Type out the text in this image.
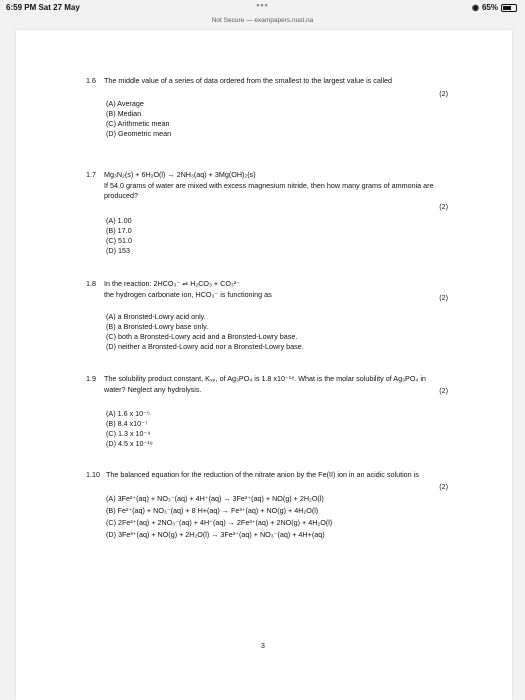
6:59 PM Sat 27 May	•••	◉ 65%
Not Secure — exampapers.nust.na
1.6	The middle value of a series of data ordered from the smallest to the largest value is called
(2)
(A) Average
(B) Median
(C) Arithmetic mean
(D) Geometric mean
1.7	Mg₃N₂(s) + 6H₂O(l) → 2NH₃(aq) + 3Mg(OH)₂(s)
If 54.0 grams of water are mixed with excess magnesium nitride, then how many grams of ammonia are produced?
(2)
(A) 1.00
(B) 17.0
(C) 51.0
(D) 153
1.8	In the reaction: 2HCO₃⁻ ⇌ H₂CO₃ + CO₃²⁻
the hydrogen carbonate ion, HCO₃⁻ is functioning as	(2)
(A) a Bronsted-Lowry acid only.
(B) a Bronsted-Lowry base only.
(C) both a Bronsted-Lowry acid and a Bronsted-Lowry base.
(D) neither a Bronsted-Lowry acid nor a Bronsted-Lowry base.
1.9	The solubility product constant, Kₛₚ, of Ag₃PO₄ is 1.8 x10⁻¹⁸. What is the molar solubility of Ag₃PO₄ in water? Neglect any hydrolysis.	(2)
(A) 1.6 x 10⁻⁵
(B) 8.4 x10⁻⁷
(C) 1.3 x 10⁻⁹
(D) 4.5 x 10⁻¹⁹
1.10 The balanced equation for the reduction of the nitrate anion by the Fe(II) ion in an acidic solution is
(2)
(A) 3Fe²⁺(aq) + NO₃⁻(aq) + 4H⁺(aq) → 3Fe³⁺(aq) + NO(g) + 2H₂O(l)
(B) Fe²⁺(aq) + NO₃⁻(aq) + 8 H+(aq) → Fe³⁺(aq) + NO(g) + 4H₂O(l)
(C) 2Fe²⁺(aq) + 2NO₃⁻(aq) + 4H⁺(aq) → 2Fe³⁺(aq) + 2NO(g) + 4H₂O(l)
(D) 3Fe³⁺(aq) + NO(g) + 2H₂O(l) → 3Fe³⁺(aq) + NO₃⁻(aq) + 4H+(aq)
3
